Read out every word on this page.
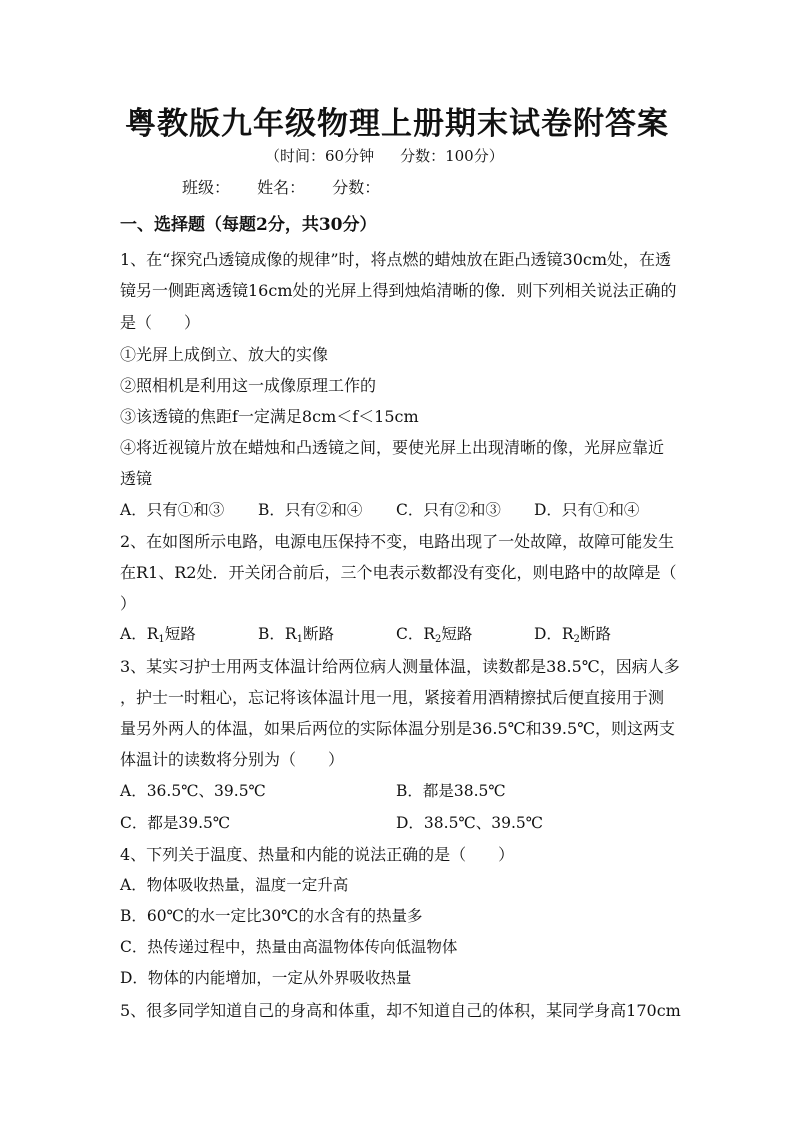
粤教版九年级物理上册期末试卷附答案
（时间：60分钟 分数：100分）
班级： 姓名： 分数：
一、选择题（每题2分，共30分）
1、在“探究凸透镜成像的规律”时，将点燃的蜡烛放在距凸透镜30cm处，在透
镜另一侧距离透镜16cm处的光屏上得到烛焰清晰的像．则下列相关说法正确的
是（　　）
①光屏上成倒立、放大的实像
②照相机是利用这一成像原理工作的
③该透镜的焦距f一定满足8cm＜f＜15cm
④将近视镜片放在蜡烛和凸透镜之间，要使光屏上出现清晰的像，光屏应靠近
透镜
A．只有①和③ B．只有②和④ C．只有②和③ D．只有①和④
2、在如图所示电路，电源电压保持不变，电路出现了一处故障，故障可能发生
在R1、R2处．开关闭合前后，三个电表示数都没有变化，则电路中的故障是（
）
A．$R_1$短路	B．$R_1$断路	C．$R_2$短路	D．$R_2$断路
3、某实习护士用两支体温计给两位病人测量体温，读数都是38.5℃，因病人多
，护士一时粗心，忘记将该体温计甩一甩，紧接着用酒精擦拭后便直接用于测
量另外两人的体温，如果后两位的实际体温分别是36.5℃和39.5℃，则这两支
体温计的读数将分别为（　　）
A．36.5℃、39.5℃	B．都是38.5℃
C．都是39.5℃	D．38.5℃、39.5℃
4、下列关于温度、热量和内能的说法正确的是（　　）
A．物体吸收热量，温度一定升高
B．60℃的水一定比30℃的水含有的热量多
C．热传递过程中，热量由高温物体传向低温物体
D．物体的内能增加，一定从外界吸收热量
5、很多同学知道自己的身高和体重，却不知道自己的体积，某同学身高170cm
